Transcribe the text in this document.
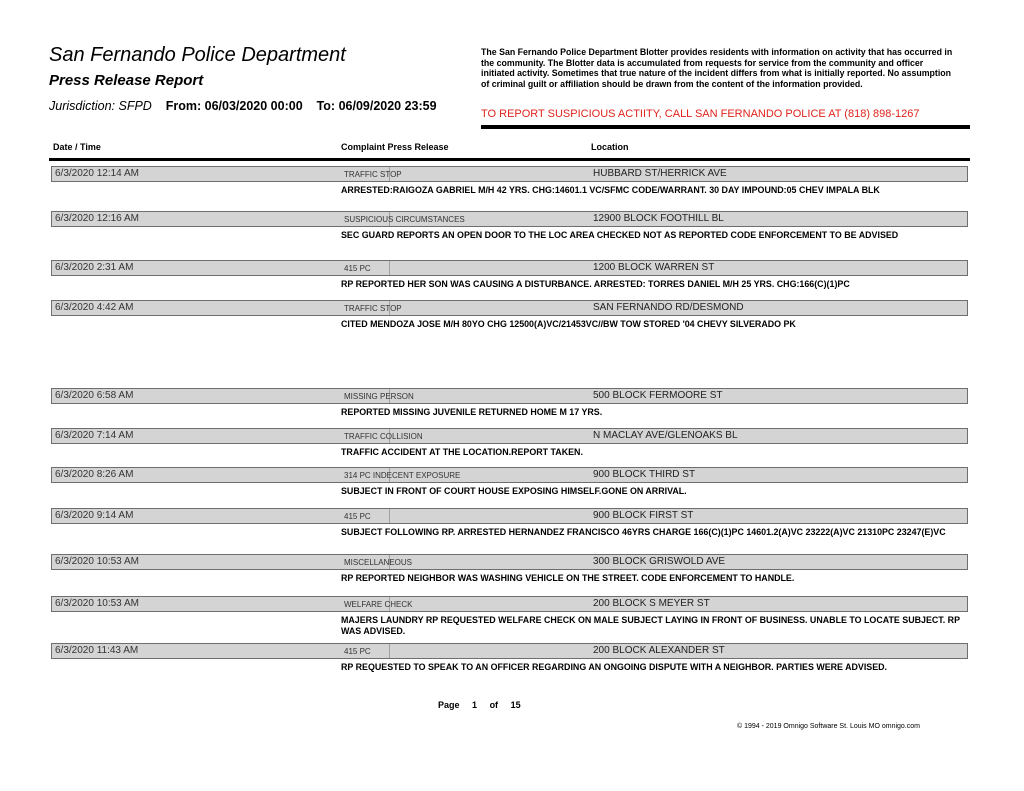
San Fernando Police Department
Press Release Report
Jurisdiction: SFPD From: 06/03/2020 00:00 To: 06/09/2020 23:59
The San Fernando Police Department Blotter provides residents with information on activity that has occurred in the community. The Blotter data is accumulated from requests for service from the community and officer initiated activity. Sometimes that true nature of the incident differs from what is initially reported. No assumption of criminal guilt or affiliation should be drawn from the content of the information provided.
TO REPORT SUSPICIOUS ACTIITY, CALL SAN FERNANDO POLICE AT (818) 898-1267
Date / Time	Complaint Press Release	Location
6/3/2020 12:14 AM	TRAFFIC STOP	HUBBARD ST/HERRICK AVE
ARRESTED:RAIGOZA GABRIEL M/H 42 YRS. CHG:14601.1 VC/SFMC CODE/WARRANT. 30 DAY IMPOUND:05 CHEV IMPALA BLK
6/3/2020 12:16 AM	SUSPICIOUS CIRCUMSTANCES	12900 BLOCK FOOTHILL BL
SEC GUARD REPORTS AN OPEN DOOR TO THE LOC AREA CHECKED NOT AS REPORTED CODE ENFORCEMENT TO BE ADVISED
6/3/2020 2:31 AM	415 PC	1200 BLOCK WARREN ST
RP REPORTED HER SON WAS CAUSING A DISTURBANCE. ARRESTED: TORRES DANIEL M/H 25 YRS. CHG:166(C)(1)PC
6/3/2020 4:42 AM	TRAFFIC STOP	SAN FERNANDO RD/DESMOND
CITED MENDOZA JOSE M/H 80YO CHG 12500(A)VC/21453VC//BW TOW STORED '04 CHEVY SILVERADO PK
6/3/2020 6:58 AM	MISSING PERSON	500 BLOCK FERMOORE ST
REPORTED MISSING JUVENILE RETURNED HOME M 17 YRS.
6/3/2020 7:14 AM	TRAFFIC COLLISION	N MACLAY AVE/GLENOAKS BL
TRAFFIC ACCIDENT AT THE LOCATION.REPORT TAKEN.
6/3/2020 8:26 AM	314 PC INDECENT EXPOSURE	900 BLOCK THIRD ST
SUBJECT IN FRONT OF COURT HOUSE EXPOSING HIMSELF.GONE ON ARRIVAL.
6/3/2020 9:14 AM	415 PC	900 BLOCK FIRST ST
SUBJECT FOLLOWING RP. ARRESTED HERNANDEZ FRANCISCO 46YRS CHARGE 166(C)(1)PC 14601.2(A)VC 23222(A)VC 21310PC 23247(E)VC
6/3/2020 10:53 AM	MISCELLANEOUS	300 BLOCK GRISWOLD AVE
RP REPORTED NEIGHBOR WAS WASHING VEHICLE ON THE STREET. CODE ENFORCEMENT TO HANDLE.
6/3/2020 10:53 AM	WELFARE CHECK	200 BLOCK S MEYER ST
MAJERS LAUNDRY RP REQUESTED WELFARE CHECK ON MALE SUBJECT LAYING IN FRONT OF BUSINESS. UNABLE TO LOCATE SUBJECT. RP WAS ADVISED.
6/3/2020 11:43 AM	415 PC	200 BLOCK ALEXANDER ST
RP REQUESTED TO SPEAK TO AN OFFICER REGARDING AN ONGOING DISPUTE WITH A NEIGHBOR. PARTIES WERE ADVISED.
Page 1 of 15
© 1994 - 2019 Omnigo Software St. Louis MO omnigo.com
